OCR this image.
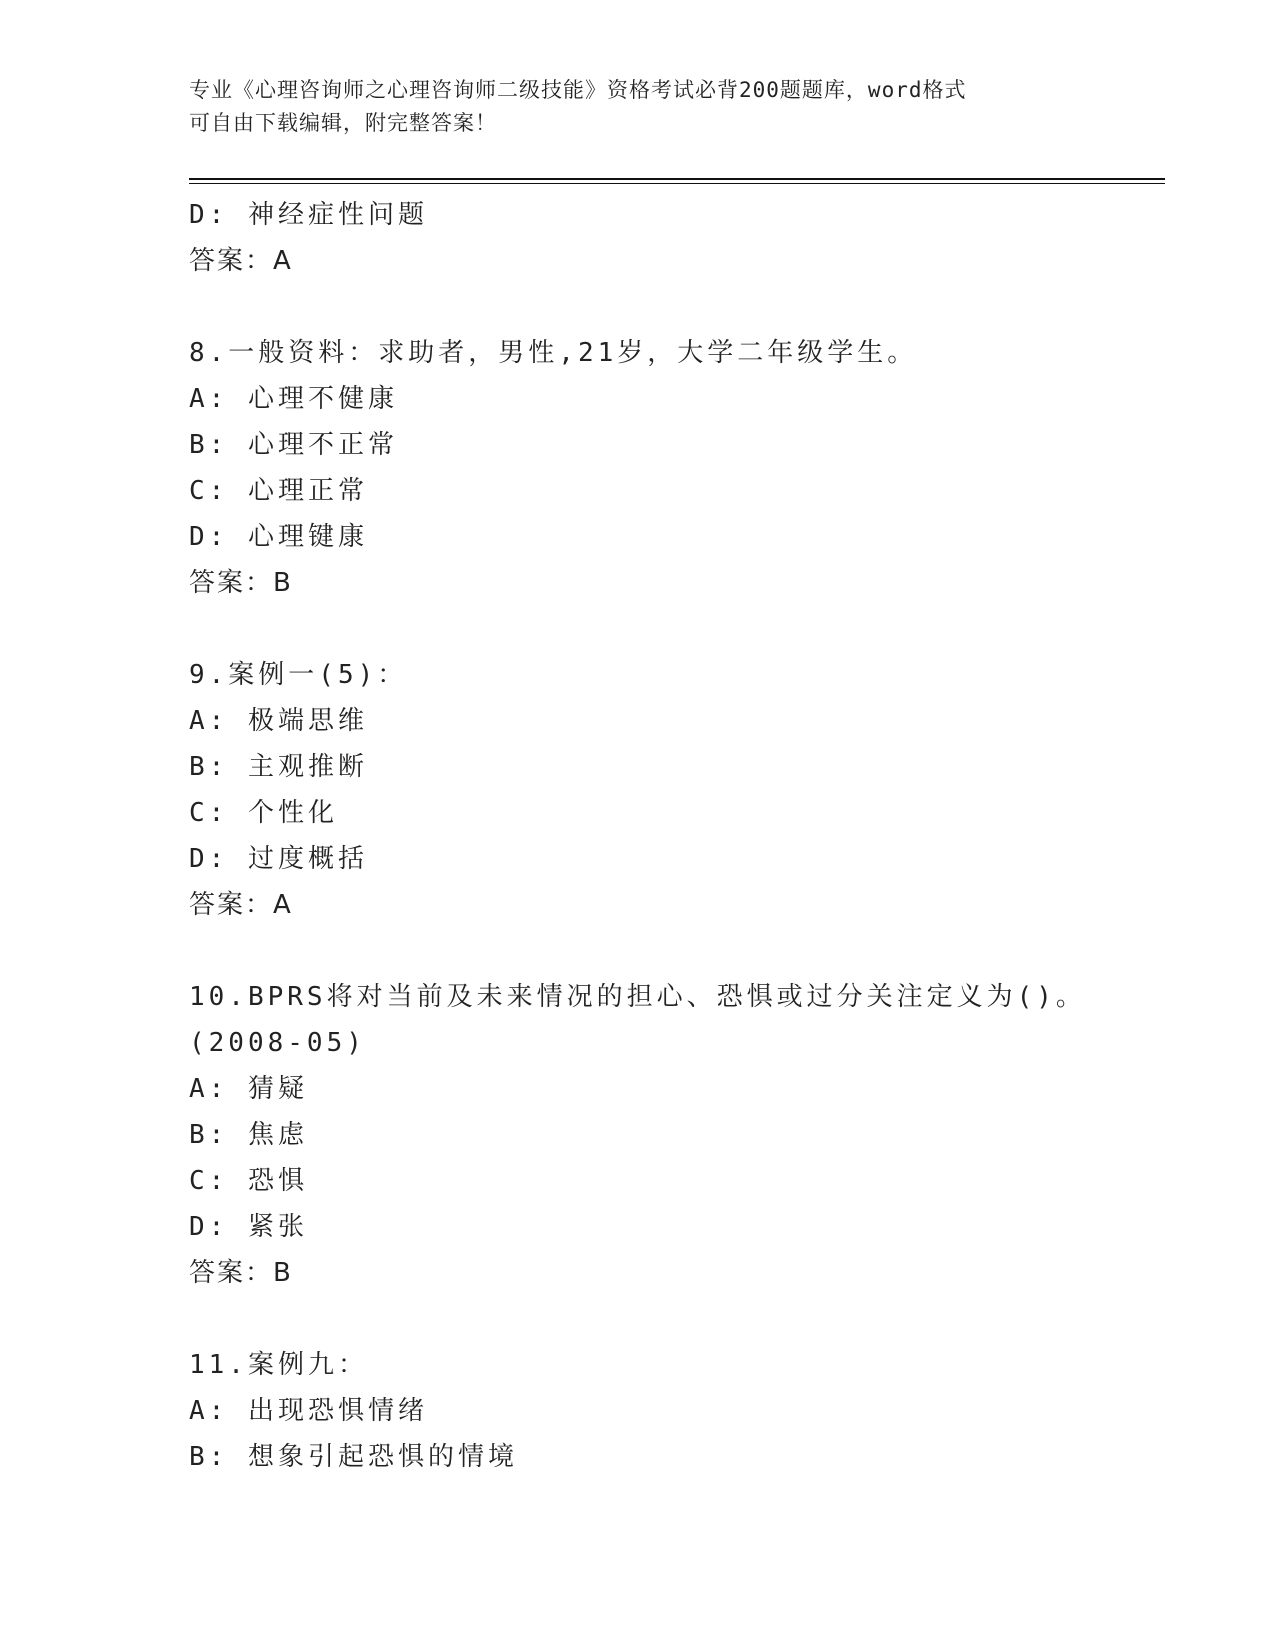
专业《心理咨询师之心理咨询师二级技能》资格考试必背200题题库，word格式
可自由下载编辑，附完整答案！
D: 神经症性问题
答案：A
8.一般资料：求助者，男性,21岁，大学二年级学生。
A: 心理不健康
B: 心理不正常
C: 心理正常
D: 心理键康
答案：B
9.案例一(5)：
A: 极端思维
B: 主观推断
C: 个性化
D: 过度概括
答案：A
10.BPRS将对当前及未来情况的担心、恐惧或过分关注定义为()。
(2008-05)
A: 猜疑
B: 焦虑
C: 恐惧
D: 紧张
答案：B
11.案例九：
A: 出现恐惧情绪
B: 想象引起恐惧的情境
